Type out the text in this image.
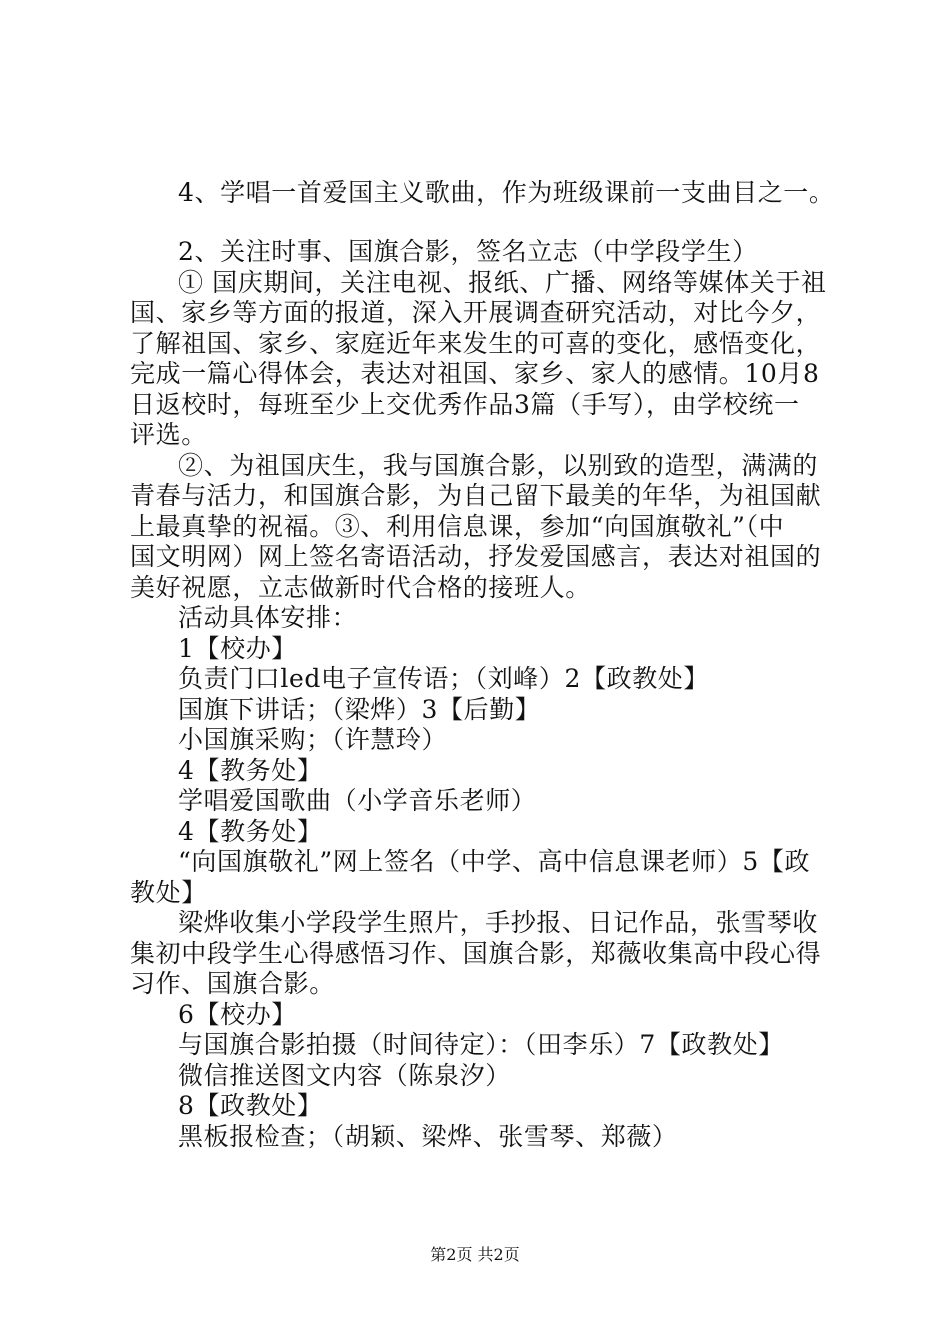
4、学唱一首爱国主义歌曲，作为班级课前一支曲目之一。
2、关注时事、国旗合影，签名立志（中学段学生）
① 国庆期间，关注电视、报纸、广播、网络等媒体关于祖
国、家乡等方面的报道，深入开展调查研究活动，对比今夕，
了解祖国、家乡、家庭近年来发生的可喜的变化，感悟变化，
完成一篇心得体会，表达对祖国、家乡、家人的感情。10月8
日返校时，每班至少上交优秀作品3篇（手写），由学校统一
评选。
②、为祖国庆生，我与国旗合影，以别致的造型，满满的
青春与活力，和国旗合影，为自己留下最美的年华，为祖国献
上最真挚的祝福。③、利用信息课，参加“向国旗敬礼”（中
国文明网）网上签名寄语活动，抒发爱国感言，表达对祖国的
美好祝愿，立志做新时代合格的接班人。
活动具体安排：
1【校办】
负责门口led电子宣传语；（刘峰）2【政教处】
国旗下讲话；（梁烨）3【后勤】
小国旗采购；（许慧玲）
4【教务处】
学唱爱国歌曲（小学音乐老师）
4【教务处】
“向国旗敬礼”网上签名（中学、高中信息课老师）5【政
教处】
梁烨收集小学段学生照片，手抄报、日记作品，张雪琴收
集初中段学生心得感悟习作、国旗合影，郑薇收集高中段心得
习作、国旗合影。
6【校办】
与国旗合影拍摄（时间待定）：（田李乐）7【政教处】
微信推送图文内容（陈泉汐）
8【政教处】
黑板报检查；（胡颖、梁烨、张雪琴、郑薇）
第2页 共2页
